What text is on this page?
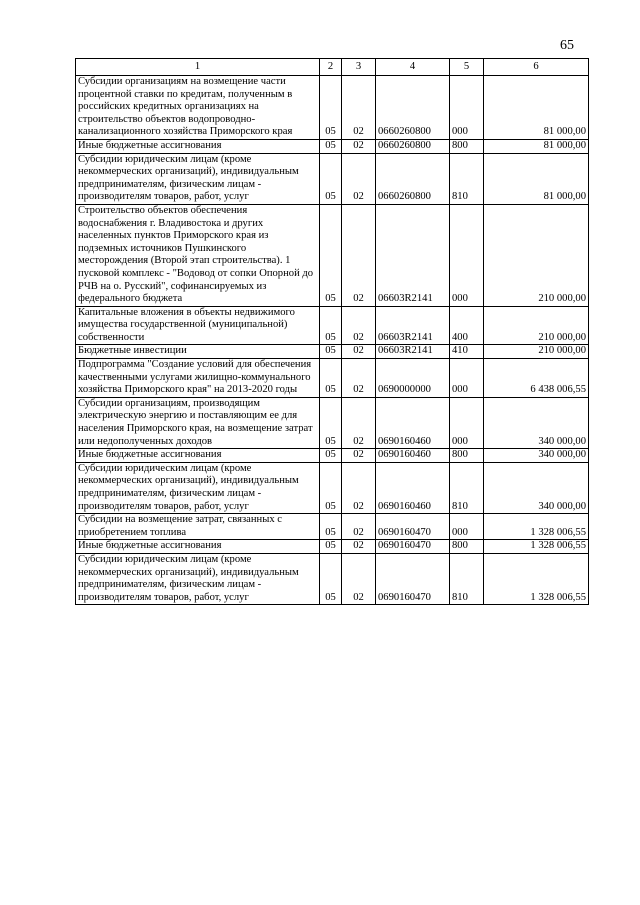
65
1	2	3	4	5	6
Субсидии организациям на возмещение части процентной ставки по кредитам, полученным в российских кредитных организациях на строительство объектов водопроводно-канализационного хозяйства Приморского края	05	02	0660260800	000	81 000,00
Иные бюджетные ассигнования	05	02	0660260800	800	81 000,00
Субсидии юридическим лицам (кроме некоммерческих организаций), индивидуальным предпринимателям, физическим лицам - производителям товаров, работ, услуг	05	02	0660260800	810	81 000,00
Строительство объектов обеспечения водоснабжения г. Владивостока и других населенных пунктов Приморского края из подземных источников Пушкинского месторождения (Второй этап строительства). 1 пусковой комплекс - "Водовод от сопки Опорной до РЧВ на о. Русский", софинансируемых из федерального бюджета	05	02	06603R2141	000	210 000,00
Капитальные вложения в объекты недвижимого имущества государственной (муниципальной) собственности	05	02	06603R2141	400	210 000,00
Бюджетные инвестиции	05	02	06603R2141	410	210 000,00
Подпрограмма "Создание условий для обеспечения качественными услугами жилищно-коммунального хозяйства Приморского края" на 2013-2020 годы	05	02	0690000000	000	6 438 006,55
Субсидии организациям, производящим электрическую энергию и поставляющим ее для населения Приморского края, на возмещение затрат или недополученных доходов	05	02	0690160460	000	340 000,00
Иные бюджетные ассигнования	05	02	0690160460	800	340 000,00
Субсидии юридическим лицам (кроме некоммерческих организаций), индивидуальным предпринимателям, физическим лицам - производителям товаров, работ, услуг	05	02	0690160460	810	340 000,00
Субсидии на возмещение затрат, связанных с приобретением топлива	05	02	0690160470	000	1 328 006,55
Иные бюджетные ассигнования	05	02	0690160470	800	1 328 006,55
Субсидии юридическим лицам (кроме некоммерческих организаций), индивидуальным предпринимателям, физическим лицам - производителям товаров, работ, услуг	05	02	0690160470	810	1 328 006,55
